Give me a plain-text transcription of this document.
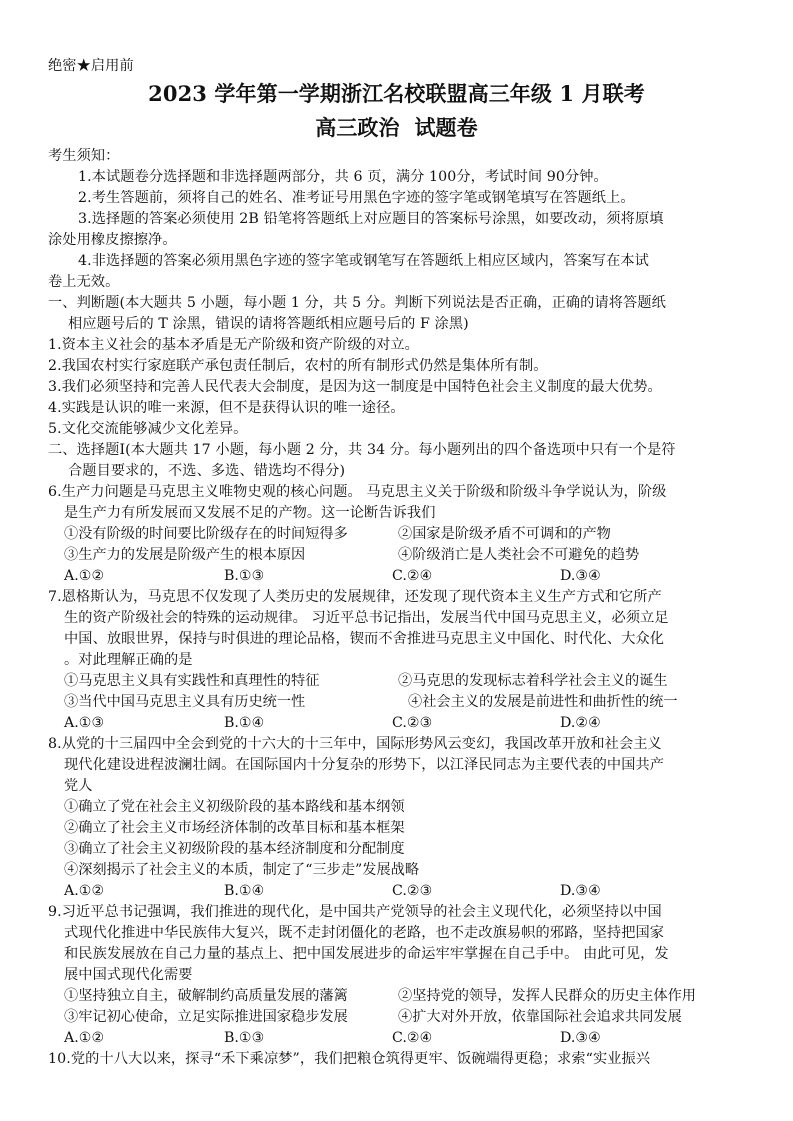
绝密★启用前
2023 学年第一学期浙江名校联盟高三年级 1 月联考
高三政治  试题卷
考生须知：
1.本试题卷分选择题和非选择题两部分，共 6 页，满分 100分，考试时间 90分钟。
2.考生答题前，须将自己的姓名、准考证号用黑色字迹的签字笔或钢笔填写在答题纸上。
3.选择题的答案必须使用 2B 铅笔将答题纸上对应题目的答案标号涂黑，如要改动，须将原填
涂处用橡皮擦擦净。
4.非选择题的答案必须用黑色字迹的签字笔或钢笔写在答题纸上相应区域内，答案写在本试
卷上无效。
一、判断题(本大题共 5 小题，每小题 1 分，共 5 分。判断下列说法是否正确，正确的请将答题纸
相应题号后的 T 涂黑，错误的请将答题纸相应题号后的 F 涂黑)
1.资本主义社会的基本矛盾是无产阶级和资产阶级的对立。
2.我国农村实行家庭联产承包责任制后，农村的所有制形式仍然是集体所有制。
3.我们必须坚持和完善人民代表大会制度，是因为这一制度是中国特色社会主义制度的最大优势。
4.实践是认识的唯一来源，但不是获得认识的唯一途径。
5.文化交流能够减少文化差异。
二、选择题Ⅰ(本大题共 17 小题，每小题 2 分，共 34 分。每小题列出的四个备选项中只有一个是符
合题目要求的，不选、多选、错选均不得分)
6.生产力问题是马克思主义唯物史观的核心问题。 马克思主义关于阶级和阶级斗争学说认为，阶级
是生产力有所发展而又发展不足的产物。这一论断告诉我们
①没有阶级的时间要比阶级存在的时间短得多	②国家是阶级矛盾不可调和的产物
③生产力的发展是阶级产生的根本原因	④阶级消亡是人类社会不可避免的趋势
A.①②	B.①③	C.②④	D.③④
7.恩格斯认为，马克思不仅发现了人类历史的发展规律，还发现了现代资本主义生产方式和它所产
生的资产阶级社会的特殊的运动规律。 习近平总书记指出，发展当代中国马克思主义，必须立足
中国、放眼世界，保持与时俱进的理论品格，锲而不舍推进马克思主义中国化、时代化、大众化
。对此理解正确的是
①马克思主义具有实践性和真理性的特征	②马克思的发现标志着科学社会主义的诞生
③当代中国马克思主义具有历史统一性	④社会主义的发展是前进性和曲折性的统一
A.①③	B.①④	C.②③	D.②④
8.从党的十三届四中全会到党的十六大的十三年中，国际形势风云变幻，我国改革开放和社会主义
现代化建设进程波澜壮阔。在国际国内十分复杂的形势下，以江泽民同志为主要代表的中国共产
党人
①确立了党在社会主义初级阶段的基本路线和基本纲领
②确立了社会主义市场经济体制的改革目标和基本框架
③确立了社会主义初级阶段的基本经济制度和分配制度
④深刻揭示了社会主义的本质，制定了“三步走”发展战略
A.①②	B.①④	C.②③	D.③④
9.习近平总书记强调，我们推进的现代化，是中国共产党领导的社会主义现代化，必须坚持以中国
式现代化推进中华民族伟大复兴，既不走封闭僵化的老路，也不走改旗易帜的邪路，坚持把国家
和民族发展放在自己力量的基点上、把中国发展进步的命运牢牢掌握在自己手中。 由此可见，发
展中国式现代化需要
①坚持独立自主，破解制约高质量发展的藩篱	②坚持党的领导，发挥人民群众的历史主体作用
③牢记初心使命，立足实际推进国家稳步发展	④扩大对外开放，依靠国际社会追求共同发展
A.①②	B.①③	C.②④	D.③④
10.党的十八大以来，探寻“禾下乘凉梦”，我们把粮仓筑得更牢、饭碗端得更稳；求索“实业振兴
